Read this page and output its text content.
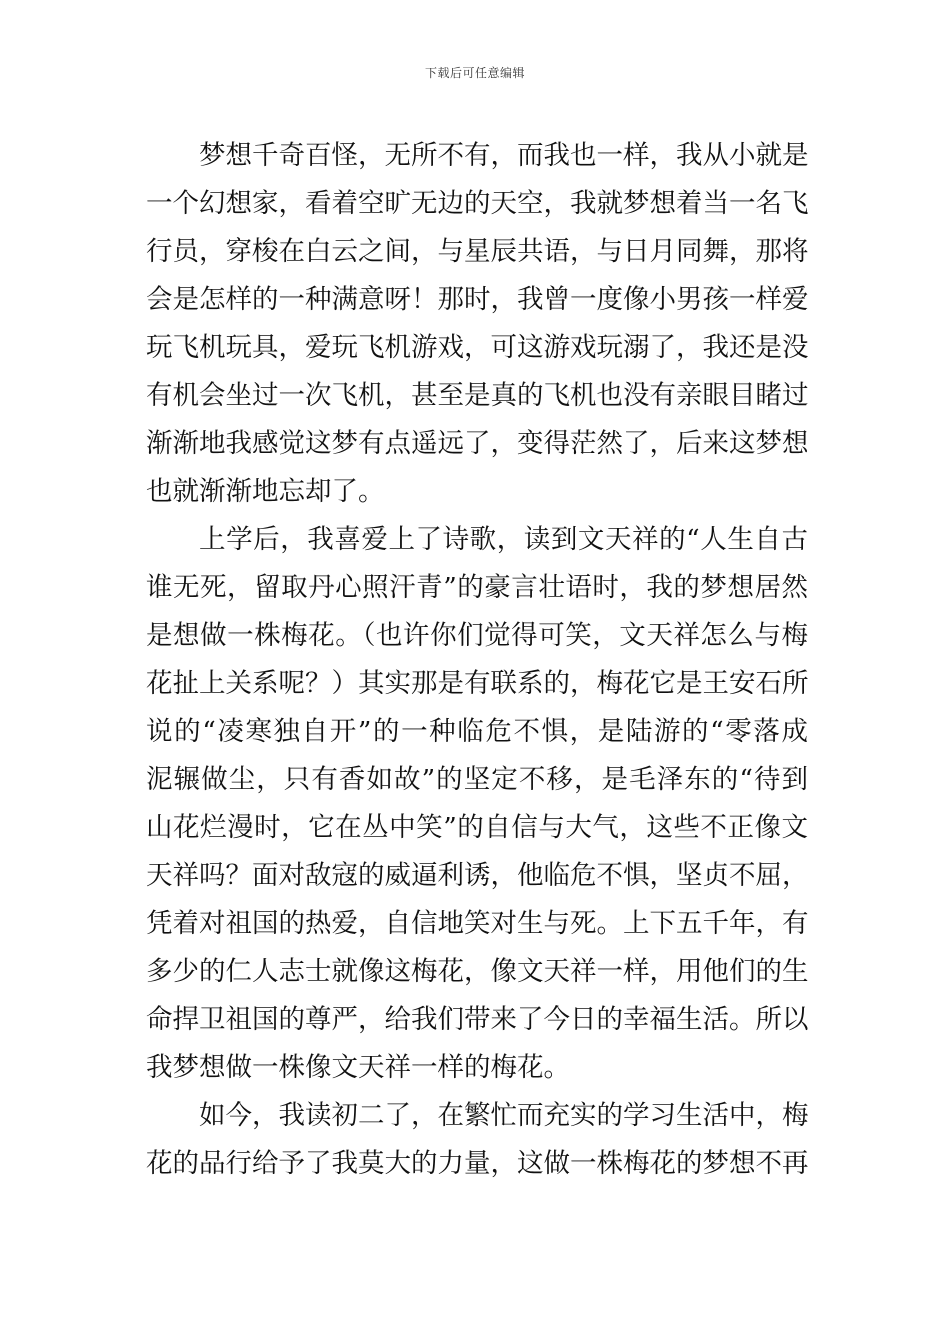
下载后可任意编辑
梦想千奇百怪，无所不有，而我也一样，我从小就是
一个幻想家，看着空旷无边的天空，我就梦想着当一名飞
行员，穿梭在白云之间，与星辰共语，与日月同舞，那将
会是怎样的一种满意呀！那时，我曾一度像小男孩一样爱
玩飞机玩具，爱玩飞机游戏，可这游戏玩溺了，我还是没
有机会坐过一次飞机，甚至是真的飞机也没有亲眼目睹过
渐渐地我感觉这梦有点遥远了，变得茫然了，后来这梦想
也就渐渐地忘却了。
上学后，我喜爱上了诗歌，读到文天祥的“人生自古
谁无死，留取丹心照汗青”的豪言壮语时，我的梦想居然
是想做一株梅花。（也许你们觉得可笑，文天祥怎么与梅
花扯上关系呢？）其实那是有联系的，梅花它是王安石所
说的“凌寒独自开”的一种临危不惧，是陆游的“零落成
泥辗做尘，只有香如故”的坚定不移，是毛泽东的“待到
山花烂漫时，它在丛中笑”的自信与大气，这些不正像文
天祥吗？面对敌寇的威逼利诱，他临危不惧，坚贞不屈，
凭着对祖国的热爱，自信地笑对生与死。上下五千年，有
多少的仁人志士就像这梅花，像文天祥一样，用他们的生
命捍卫祖国的尊严，给我们带来了今日的幸福生活。所以
我梦想做一株像文天祥一样的梅花。
如今，我读初二了，在繁忙而充实的学习生活中，梅
花的品行给予了我莫大的力量，这做一株梅花的梦想不再
